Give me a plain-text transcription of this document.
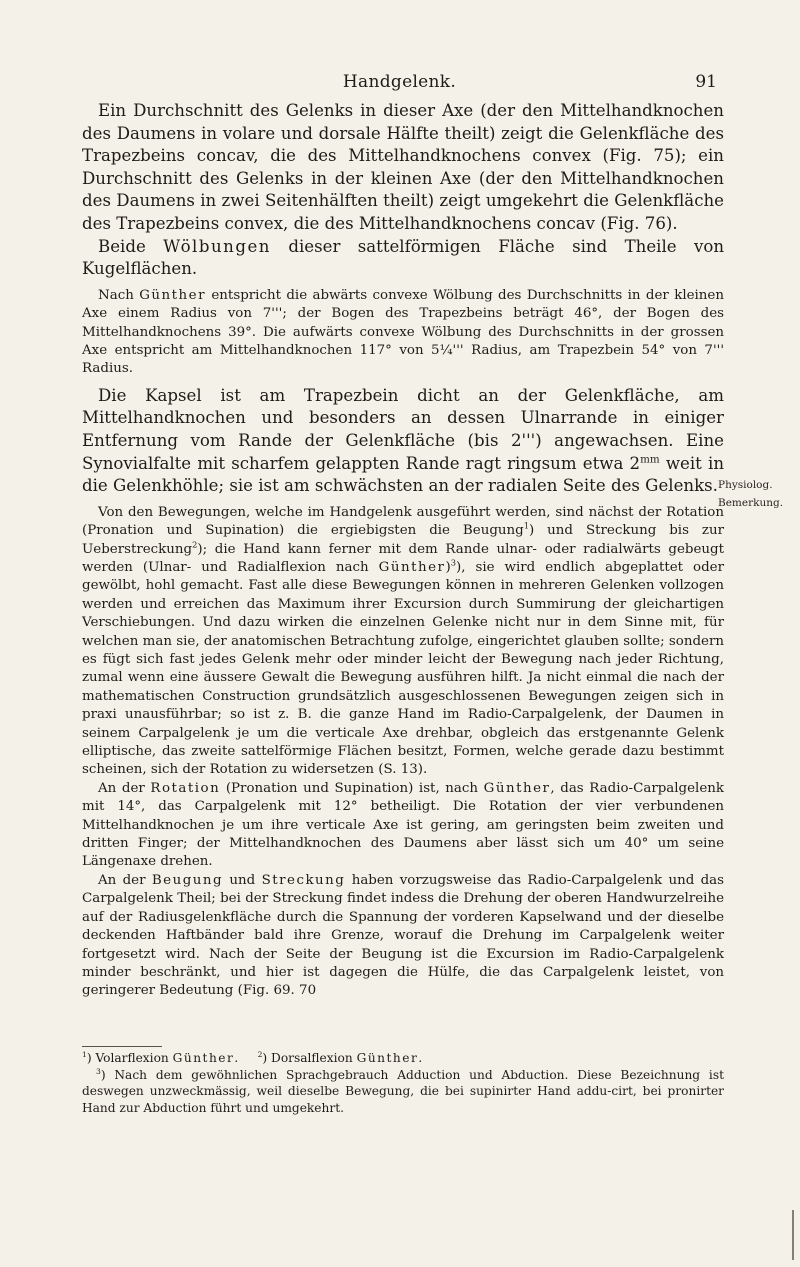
Handgelenk.	91

Ein Durchschnitt des Gelenks in dieser Axe (der den Mittelhandknochen des Daumens in volare und dorsale Hälfte theilt) zeigt die Gelenkfläche des Trapezbeins concav, die des Mittelhandknochens convex (Fig. 75); ein Durchschnitt des Gelenks in der kleinen Axe (der den Mittelhandknochen des Daumens in zwei Seitenhälften theilt) zeigt umgekehrt die Gelenkfläche des Trapezbeins convex, die des Mittelhandknochens concav (Fig. 76).

Beide Wölbungen dieser sattelförmigen Fläche sind Theile von Kugelflächen.

Nach Günther entspricht die abwärts convexe Wölbung des Durchschnitts in der kleinen Axe einem Radius von 7'''; der Bogen des Trapezbeins beträgt 46°, der Bogen des Mittelhandknochens 39°. Die aufwärts convexe Wölbung des Durchschnitts in der grossen Axe entspricht am Mittelhandknochen 117° von 5¼''' Radius, am Trapezbein 54° von 7''' Radius.

Die Kapsel ist am Trapezbein dicht an der Gelenkfläche, am Mittelhandknochen und besonders an dessen Ulnarrande in einiger Entfernung vom Rande der Gelenkfläche (bis 2''') angewachsen. Eine Synovialfalte mit scharfem gelappten Rande ragt ringsum etwa $2^{mm}$ weit in die Gelenkhöhle; sie ist am schwächsten an der radialen Seite des Gelenks.

Von den Bewegungen, welche im Handgelenk ausgeführt werden, sind nächst der Rotation (Pronation und Supination) die ergiebigsten die Beugung$^1$) und Streckung bis zur Ueberstreckung$^2$); die Hand kann ferner mit dem Rande ulnar- oder radialwärts gebeugt werden (Ulnar- und Radialflexion nach Günther)$^3$), sie wird endlich abgeplattet oder gewölbt, hohl gemacht. Fast alle diese Bewegungen können in mehreren Gelenken vollzogen werden und erreichen das Maximum ihrer Excursion durch Summirung der gleichartigen Verschiebungen. Und dazu wirken die einzelnen Gelenke nicht nur in dem Sinne mit, für welchen man sie, der anatomischen Betrachtung zufolge, eingerichtet glauben sollte; sondern es fügt sich fast jedes Gelenk mehr oder minder leicht der Bewegung nach jeder Richtung, zumal wenn eine äussere Gewalt die Bewegung ausführen hilft. Ja nicht einmal die nach der mathematischen Construction grundsätzlich ausgeschlossenen Bewegungen zeigen sich in praxi unausführbar; so ist z. B. die ganze Hand im Radio-Carpalgelenk, der Daumen in seinem Carpalgelenk je um die verticale Axe drehbar, obgleich das erstgenannte Gelenk elliptische, das zweite sattelförmige Flächen besitzt, Formen, welche gerade dazu bestimmt scheinen, sich der Rotation zu widersetzen (S. 13).

An der Rotation (Pronation und Supination) ist, nach Günther, das Radio-Carpalgelenk mit 14°, das Carpalgelenk mit 12° betheiligt. Die Rotation der vier verbundenen Mittelhandknochen je um ihre verticale Axe ist gering, am geringsten beim zweiten und dritten Finger; der Mittelhandknochen des Daumens aber lässt sich um 40° um seine Längenaxe drehen.

An der Beugung und Streckung haben vorzugsweise das Radio-Carpalgelenk und das Carpalgelenk Theil; bei der Streckung findet indess die Drehung der oberen Handwurzelreihe auf der Radiusgelenkfläche durch die Spannung der vorderen Kapselwand und der dieselbe deckenden Haftbänder bald ihre Grenze, worauf die Drehung im Carpalgelenk weiter fortgesetzt wird. Nach der Seite der Beugung ist die Excursion im Radio-Carpalgelenk minder beschränkt, und hier ist dagegen die Hülfe, die das Carpalgelenk leistet, von geringerer Bedeutung (Fig. 69. 70

Physiolog.
Bemerkung.

$^1$) Volarflexion Günther.	$^2$) Dorsalflexion Günther.

$^3$) Nach dem gewöhnlichen Sprachgebrauch Adduction und Abduction. Diese Bezeichnung ist deswegen unzweckmässig, weil dieselbe Bewegung, die bei supinirter Hand addu-cirt, bei pronirter Hand zur Abduction führt und umgekehrt.
